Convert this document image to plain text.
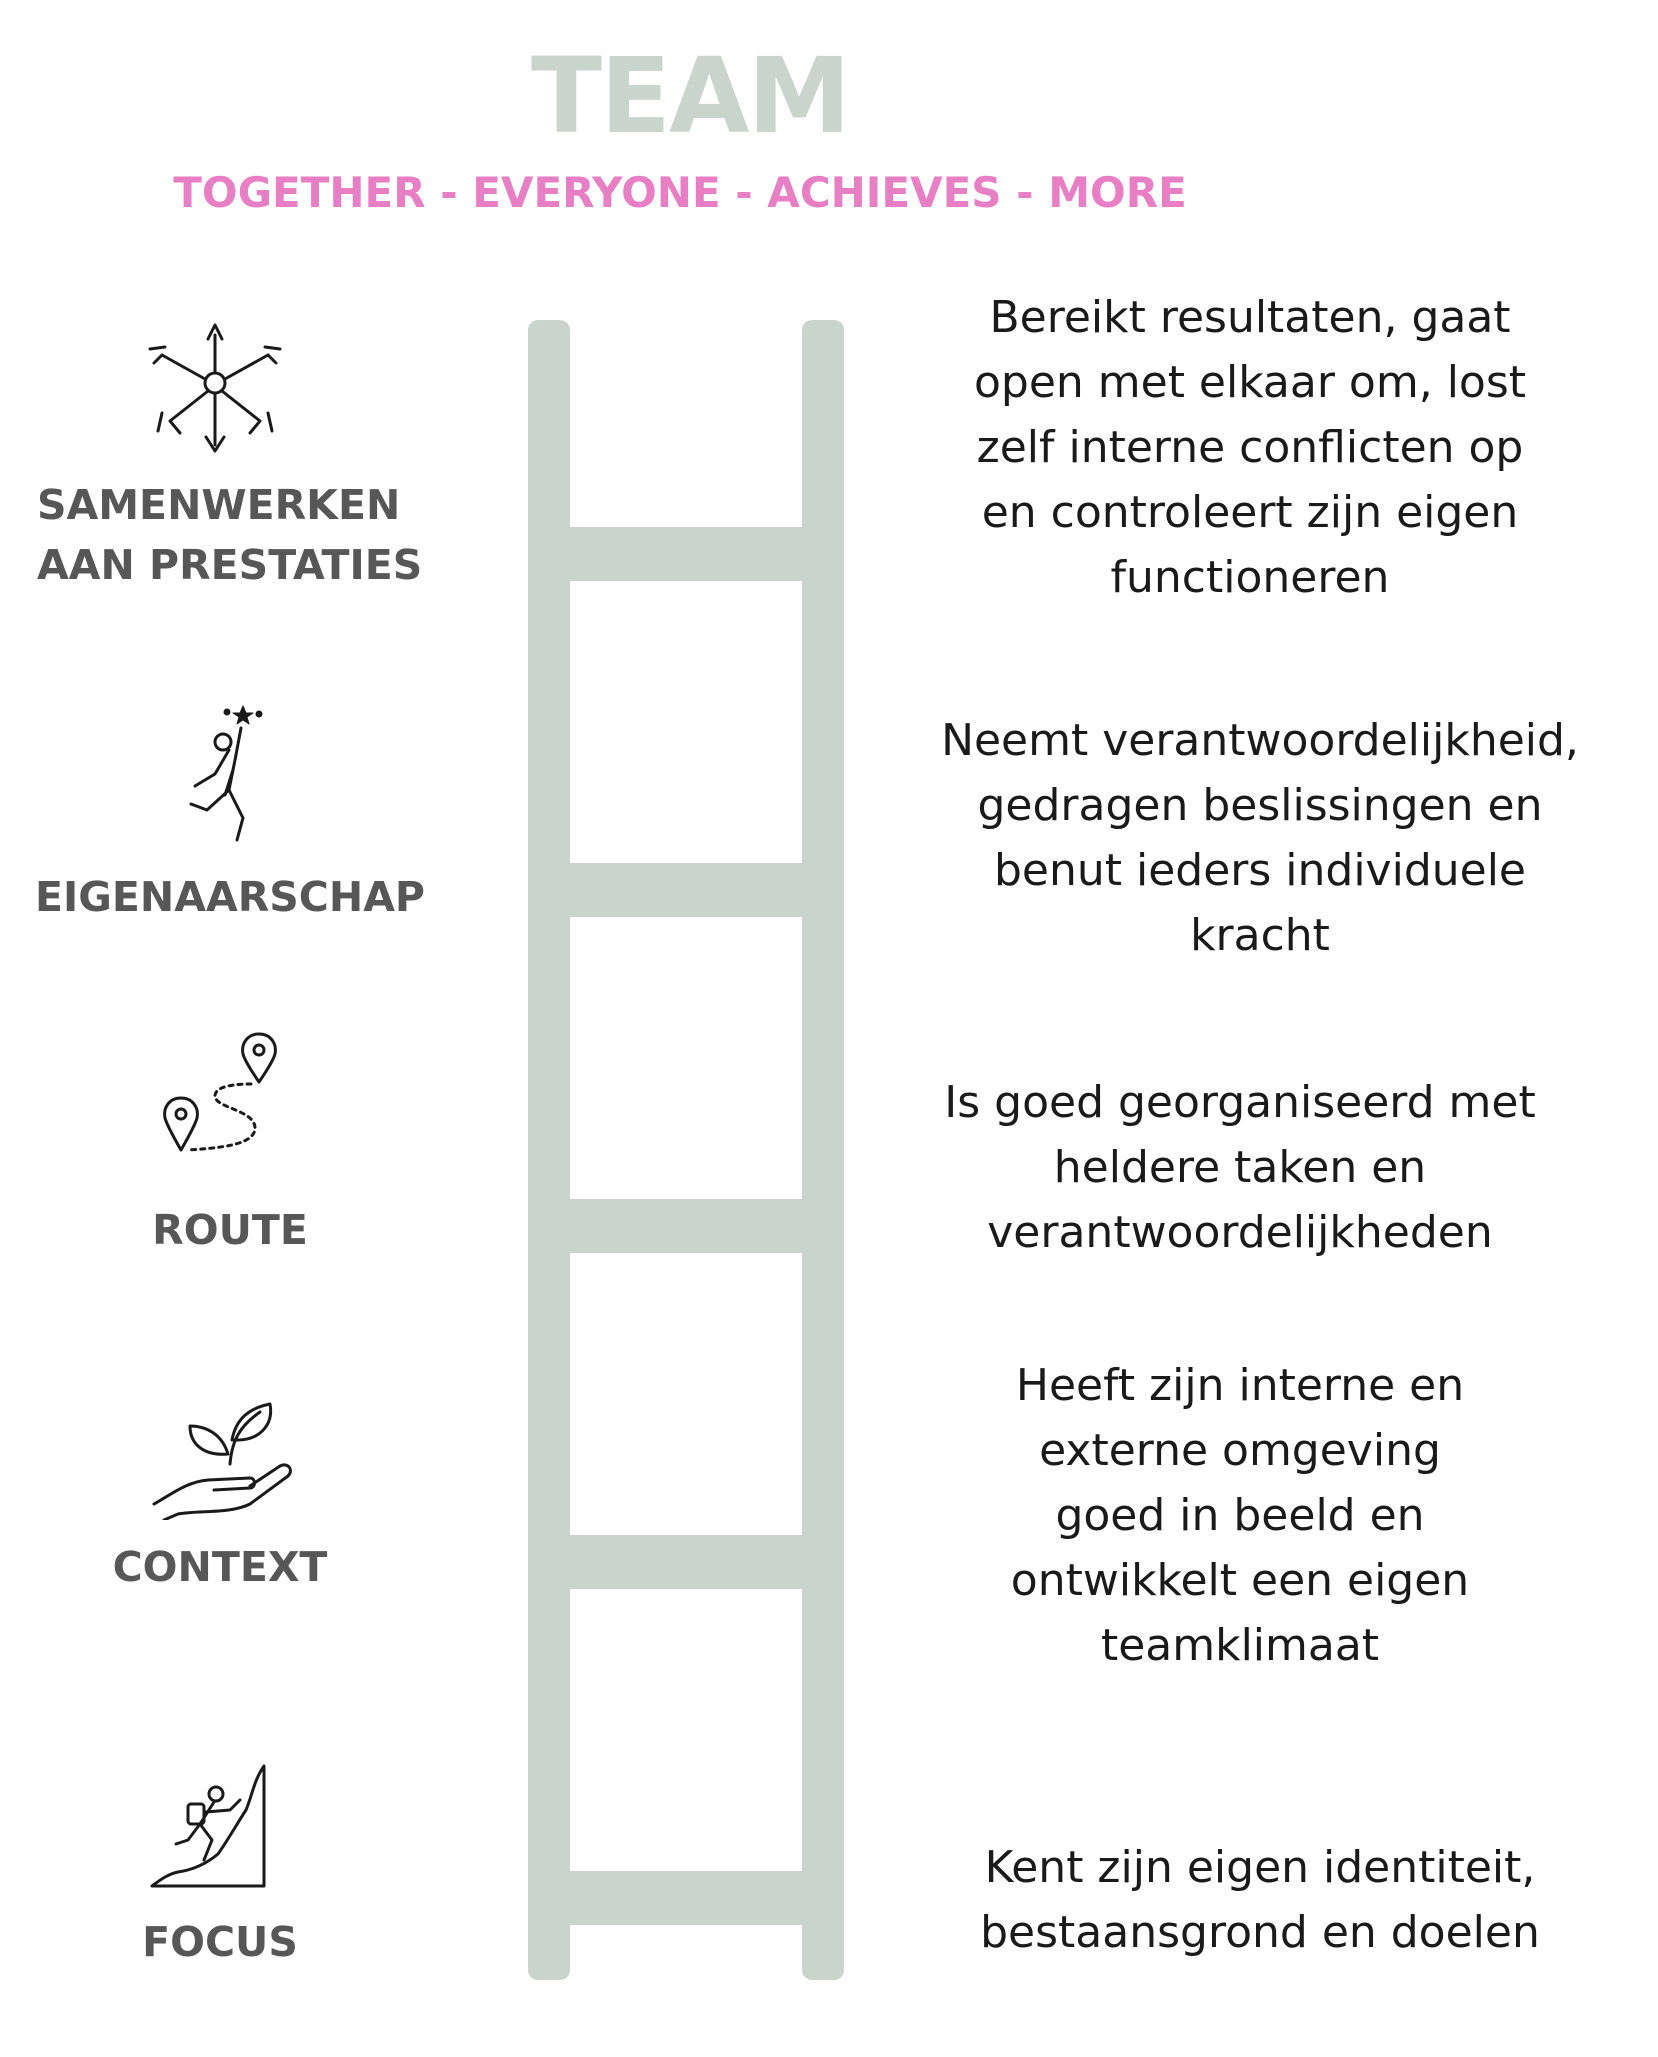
TEAM
TOGETHER - EVERYONE - ACHIEVES - MORE
SAMENWERKEN
AAN PRESTATIES
Bereikt resultaten, gaat
open met elkaar om, lost
zelf interne conflicten op
en controleert zijn eigen
functioneren
EIGENAARSCHAP
Neemt verantwoordelijkheid,
gedragen beslissingen en
benut ieders individuele
kracht
ROUTE
Is goed georganiseerd met
heldere taken en
verantwoordelijkheden
CONTEXT
Heeft zijn interne en
externe omgeving
goed in beeld en
ontwikkelt een eigen
teamklimaat
FOCUS
Kent zijn eigen identiteit,
bestaansgrond en doelen
